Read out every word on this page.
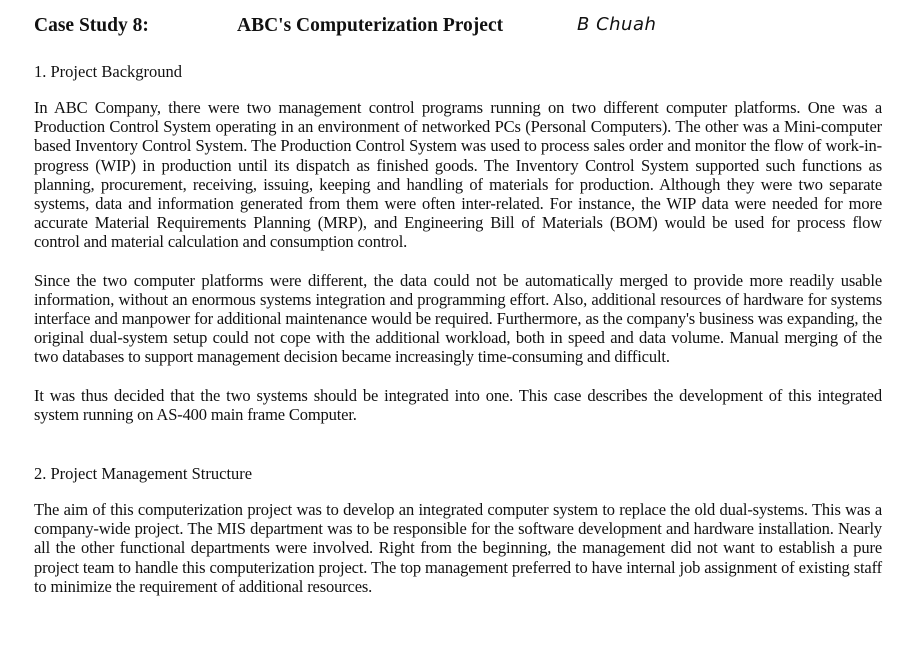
Case Study 8:	ABC's Computerization Project	B Chuah
1. Project Background

In ABC Company, there were two management control programs running on two different computer platforms. One was a Production Control System operating in an environment of networked PCs (Personal Computers). The other was a Mini-computer based Inventory Control System. The Production Control System was used to process sales order and monitor the flow of work-in-progress (WIP) in production until its dispatch as finished goods. The Inventory Control System supported such functions as planning, procurement, receiving, issuing, keeping and handling of materials for production. Although they were two separate systems, data and information generated from them were often inter-related. For instance, the WIP data were needed for more accurate Material Requirements Planning (MRP), and Engineering Bill of Materials (BOM) would be used for process flow control and material calculation and consumption control.

Since the two computer platforms were different, the data could not be automatically merged to provide more readily usable information, without an enormous systems integration and programming effort. Also, additional resources of hardware for systems interface and manpower for additional maintenance would be required. Furthermore, as the company's business was expanding, the original dual-system setup could not cope with the additional workload, both in speed and data volume. Manual merging of the two databases to support management decision became increasingly time-consuming and difficult.

It was thus decided that the two systems should be integrated into one. This case describes the development of this integrated system running on AS-400 main frame Computer.

2. Project Management Structure

The aim of this computerization project was to develop an integrated computer system to replace the old dual-systems. This was a company-wide project. The MIS department was to be responsible for the software development and hardware installation. Nearly all the other functional departments were involved. Right from the beginning, the management did not want to establish a pure project team to handle this computerization project. The top management preferred to have internal job assignment of existing staff to minimize the requirement of additional resources.
